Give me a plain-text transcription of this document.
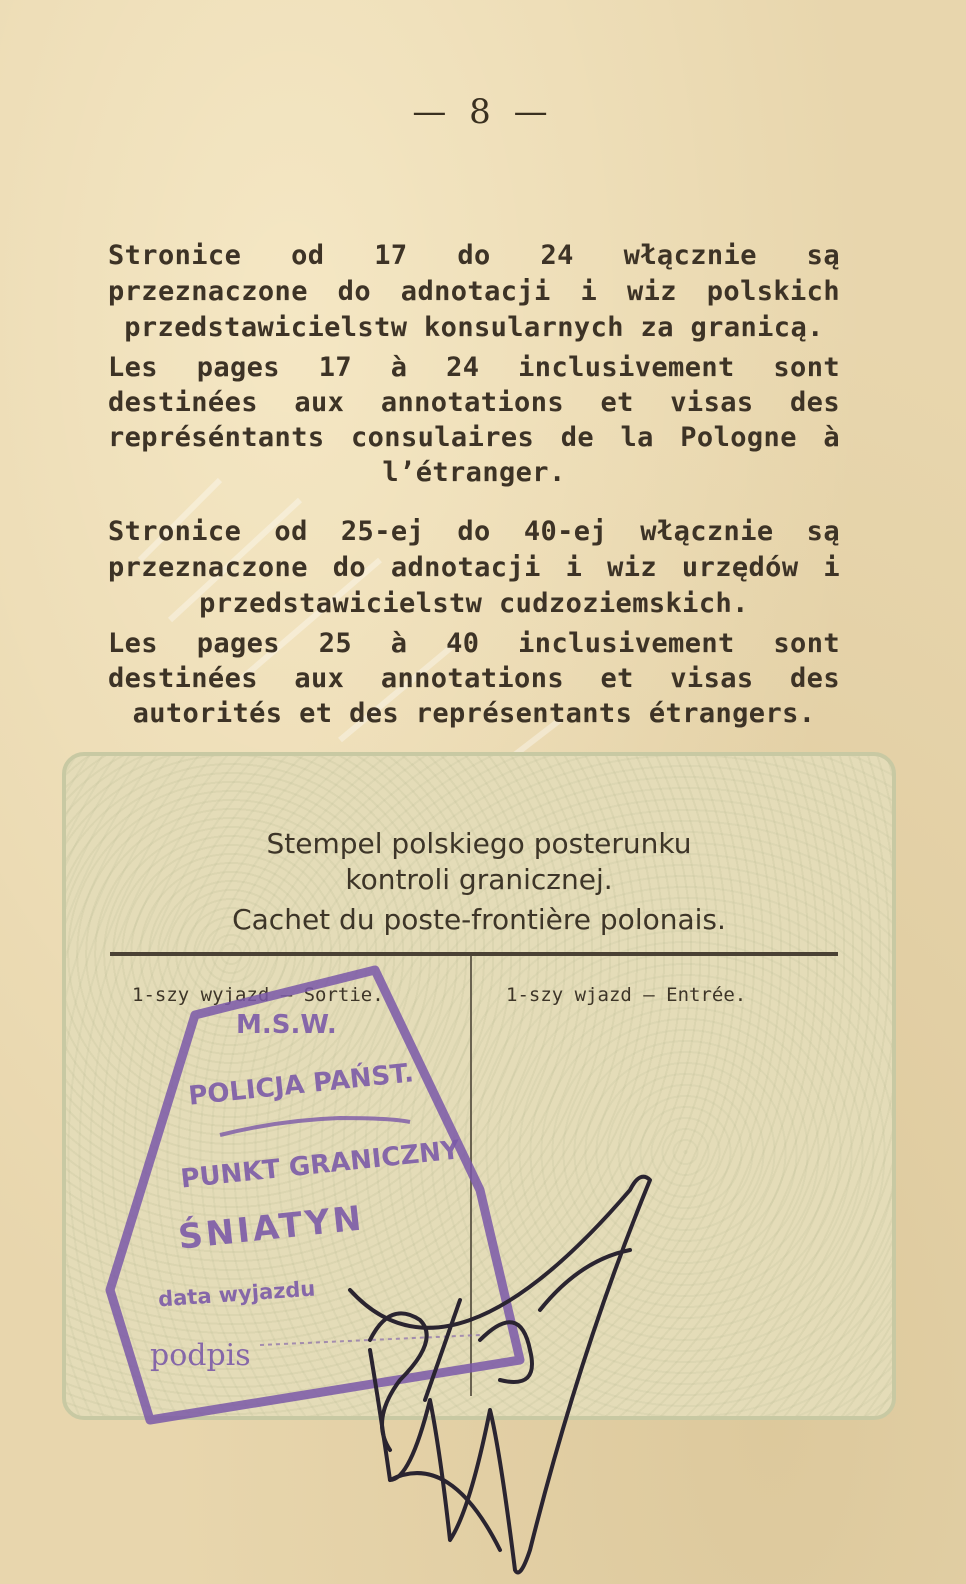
— 8 —
Stronice od 17 do 24 włącznie są przeznaczone do adnotacji i wiz polskich przedstawicielstw konsularnych za granicą.
Les pages 17 à 24 inclusivement sont destinées aux annotations et visas des représéntants consulaires de la Pologne à l’étranger.
Stronice od 25-ej do 40-ej włącznie są przeznaczone do adnotacji i wiz urzędów i przedstawicielstw cudzoziemskich.
Les pages 25 à 40 inclusivement sont destinées aux annotations et visas des autorités et des représentants étrangers.
Stempel polskiego posterunku kontroli granicznej.
Cachet du poste-frontière polonais.
1-szy wyjazd — Sortie.	1-szy wjazd — Entrée.
M.S.W.
POLICJA PAŃST.
PUNKT GRANICZNY
ŚNIATYN
data wyjazdu
podpis
